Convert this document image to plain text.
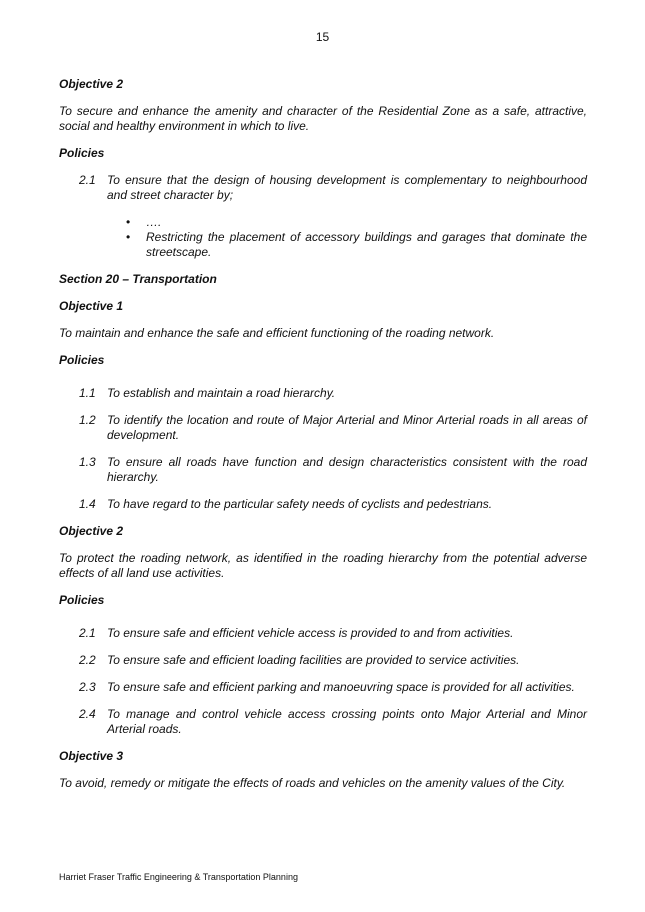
15

Objective 2

To secure and enhance the amenity and character of the Residential Zone as a safe, attractive, social and healthy environment in which to live.

Policies

2.1 To ensure that the design of housing development is complementary to neighbourhood and street character by;
•	….
•	Restricting the placement of accessory buildings and garages that dominate the streetscape.

Section 20 – Transportation

Objective 1

To maintain and enhance the safe and efficient functioning of the roading network.

Policies

1.1 To establish and maintain a road hierarchy.
1.2 To identify the location and route of Major Arterial and Minor Arterial roads in all areas of development.
1.3 To ensure all roads have function and design characteristics consistent with the road hierarchy.
1.4 To have regard to the particular safety needs of cyclists and pedestrians.

Objective 2

To protect the roading network, as identified in the roading hierarchy from the potential adverse effects of all land use activities.

Policies

2.1 To ensure safe and efficient vehicle access is provided to and from activities.
2.2 To ensure safe and efficient loading facilities are provided to service activities.
2.3 To ensure safe and efficient parking and manoeuvring space is provided for all activities.
2.4 To manage and control vehicle access crossing points onto Major Arterial and Minor Arterial roads.

Objective 3

To avoid, remedy or mitigate the effects of roads and vehicles on the amenity values of the City.

Harriet Fraser Traffic Engineering & Transportation Planning
